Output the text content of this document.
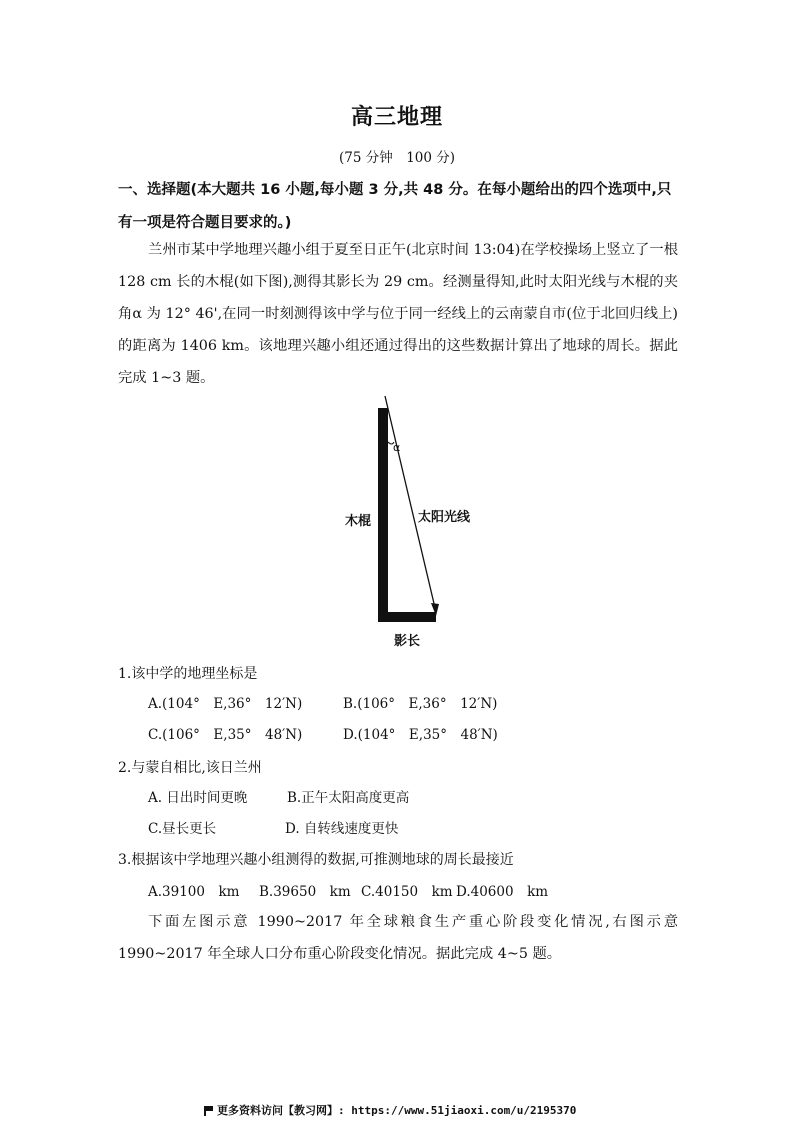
高三地理
(75 分钟　100 分)
一、选择题(本大题共 16 小题,每小题 3 分,共 48 分。在每小题给出的四个选项中,只有一项是符合题目要求的。)
兰州市某中学地理兴趣小组于夏至日正午(北京时间 13:04)在学校操场上竖立了一根 128 cm 长的木棍(如下图),测得其影长为 29 cm。经测量得知,此时太阳光线与木棍的夹角α 为 12° 46',在同一时刻测得该中学与位于同一经线上的云南蒙自市(位于北回归线上)的距离为 1406 km。该地理兴趣小组还通过得出的这些数据计算出了地球的周长。据此完成 1~3 题。
α
木棍	太阳光线
影长
1.该中学的地理坐标是
A.(104°　E,36°　12′N)	B.(106°　E,36°　12′N)
C.(106°　E,35°　48′N)	D.(104°　E,35°　48′N)
2.与蒙自相比,该日兰州
A. 日出时间更晚	B.正午太阳高度更高
C.昼长更长	D. 自转线速度更快
3.根据该中学地理兴趣小组测得的数据,可推测地球的周长最接近
A.39100　km B.39650　km C.40150　km D.40600　km
下面左图示意 1990~2017 年全球粮食生产重心阶段变化情况,右图示意 1990~2017 年全球人口分布重心阶段变化情况。据此完成 4~5 题。
更多资料访问【教习网】: https://www.51jiaoxi.com/u/2195370
